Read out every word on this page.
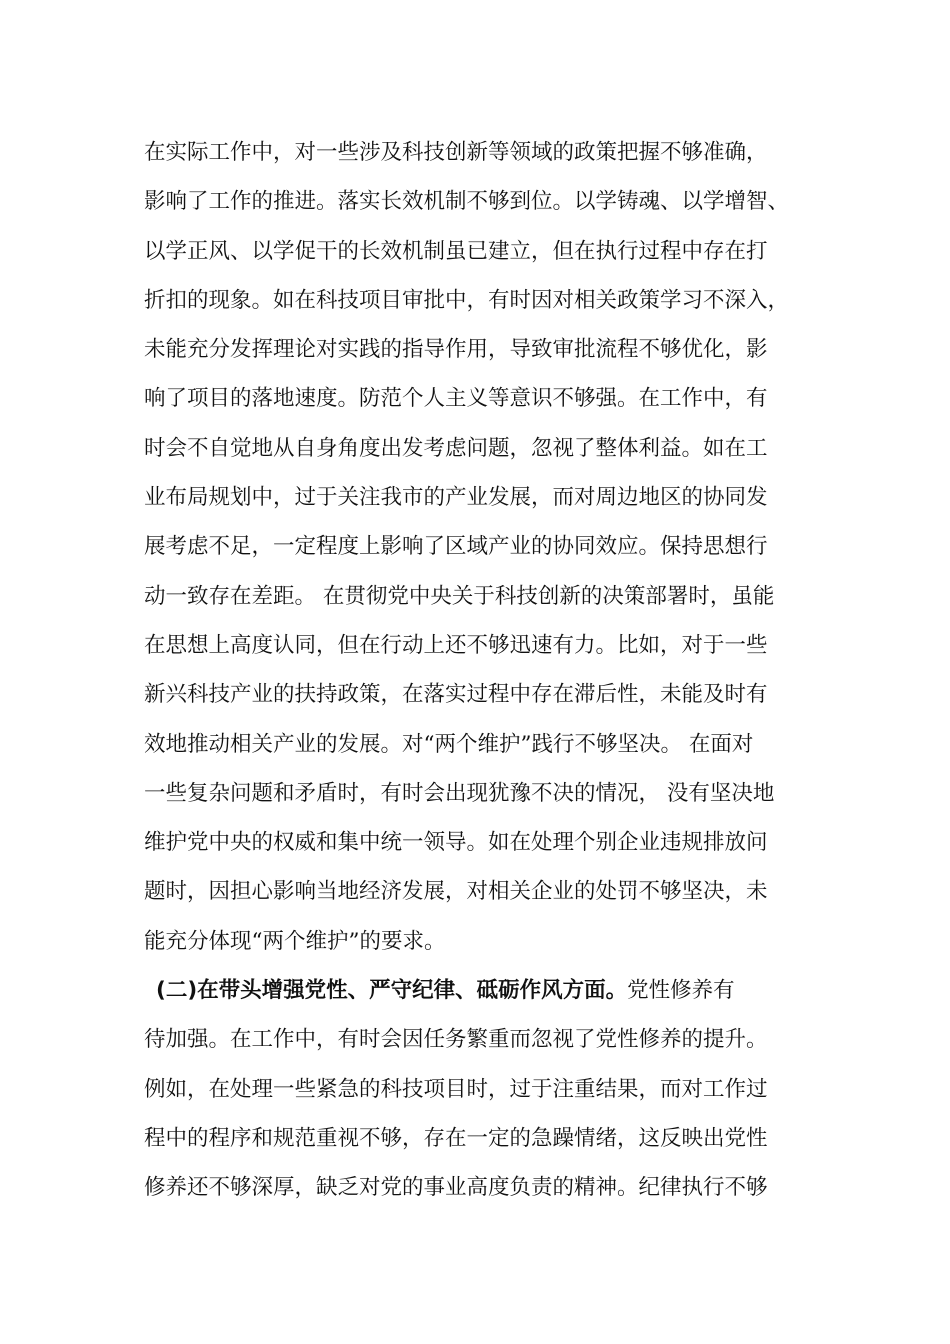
在实际工作中，对一些涉及科技创新等领域的政策把握不够准确，
影响了工作的推进。落实长效机制不够到位。以学铸魂、以学增智、
以学正风、以学促干的长效机制虽已建立，但在执行过程中存在打
折扣的现象。如在科技项目审批中，有时因对相关政策学习不深入，
未能充分发挥理论对实践的指导作用，导致审批流程不够优化，影
响了项目的落地速度。防范个人主义等意识不够强。在工作中，有
时会不自觉地从自身角度出发考虑问题，忽视了整体利益。如在工
业布局规划中，过于关注我市的产业发展，而对周边地区的协同发
展考虑不足，一定程度上影响了区域产业的协同效应。保持思想行
动一致存在差距。 在贯彻党中央关于科技创新的决策部署时，虽能
在思想上高度认同，但在行动上还不够迅速有力。比如，对于一些
新兴科技产业的扶持政策，在落实过程中存在滞后性，未能及时有
效地推动相关产业的发展。对“两个维护”践行不够坚决。 在面对
一些复杂问题和矛盾时，有时会出现犹豫不决的情况， 没有坚决地
维护党中央的权威和集中统一领导。如在处理个别企业违规排放问
题时，因担心影响当地经济发展，对相关企业的处罚不够坚决，未
能充分体现“两个维护”的要求。
(二)在带头增强党性、严守纪律、砥砺作风方面。党性修养有
待加强。在工作中，有时会因任务繁重而忽视了党性修养的提升。
例如，在处理一些紧急的科技项目时，过于注重结果，而对工作过
程中的程序和规范重视不够，存在一定的急躁情绪，这反映出党性
修养还不够深厚，缺乏对党的事业高度负责的精神。纪律执行不够
